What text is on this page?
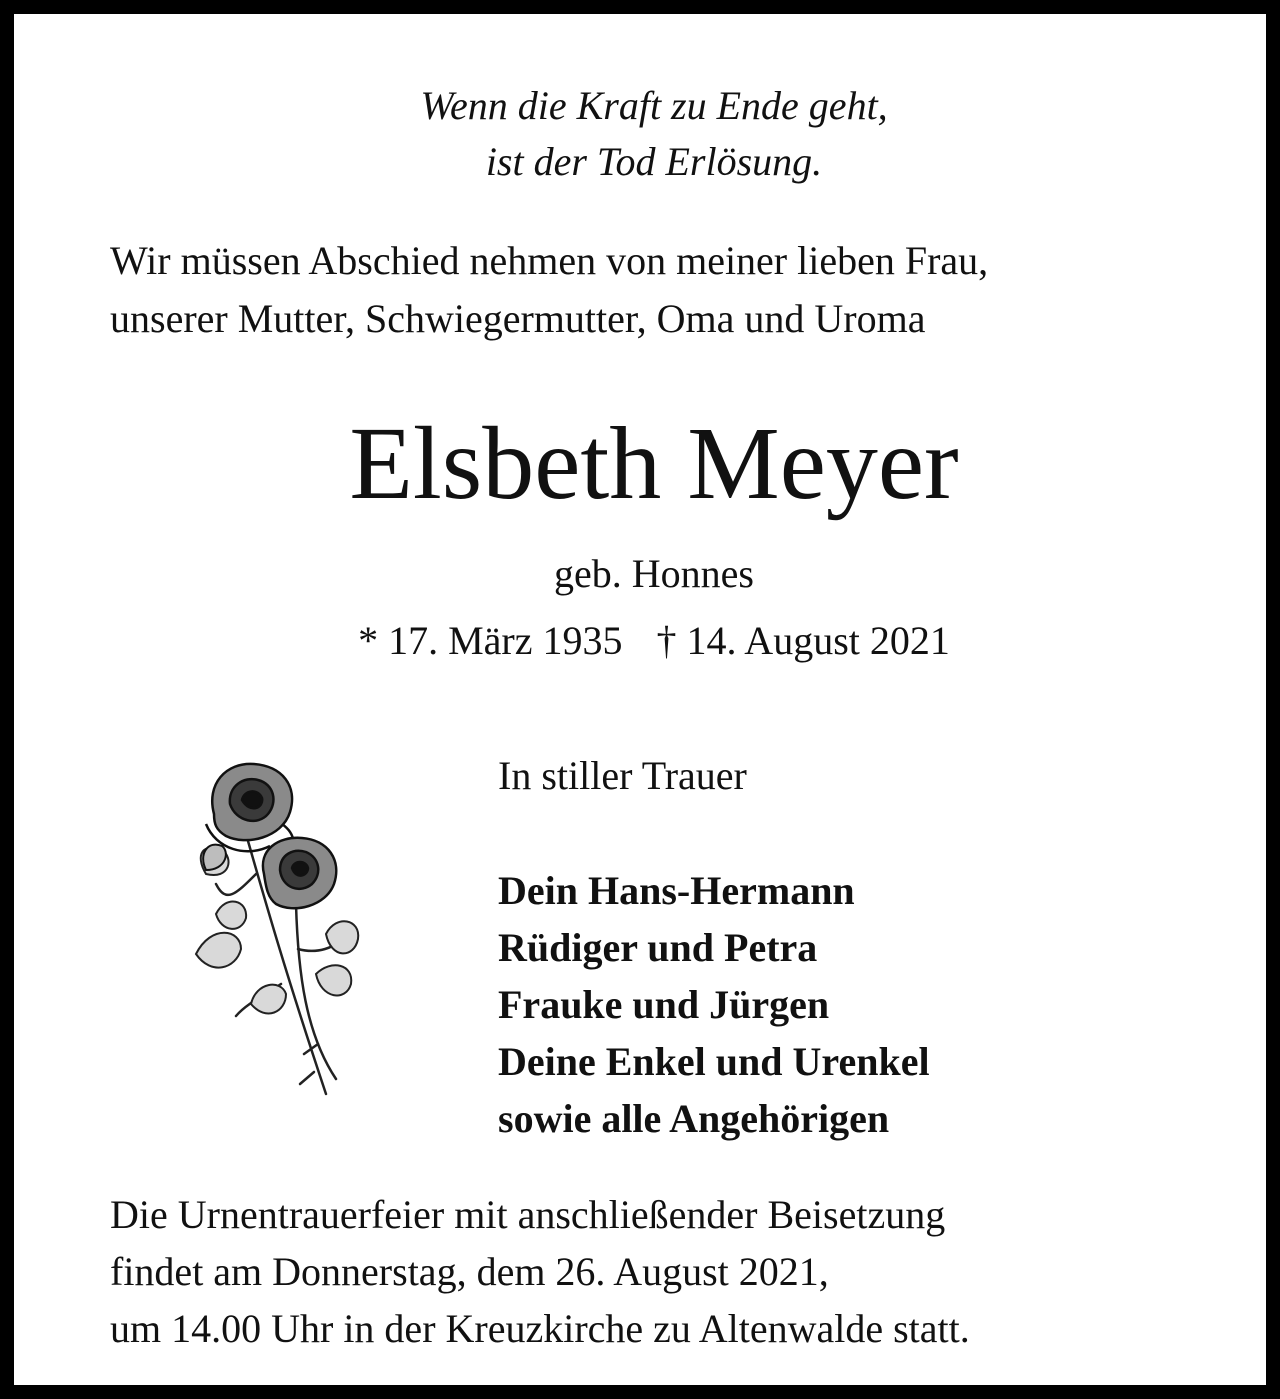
Wenn die Kraft zu Ende geht,
ist der Tod Erlösung.
Wir müssen Abschied nehmen von meiner lieben Frau,
unserer Mutter, Schwiegermutter, Oma und Uroma
Elsbeth Meyer
geb. Honnes
* 17. März 1935 † 14. August 2021
In stiller Trauer
Dein Hans-Hermann
Rüdiger und Petra
Frauke und Jürgen
Deine Enkel und Urenkel
sowie alle Angehörigen
Die Urnentrauerfeier mit anschließender Beisetzung
findet am Donnerstag, dem 26. August 2021,
um 14.00 Uhr in der Kreuzkirche zu Altenwalde statt.
